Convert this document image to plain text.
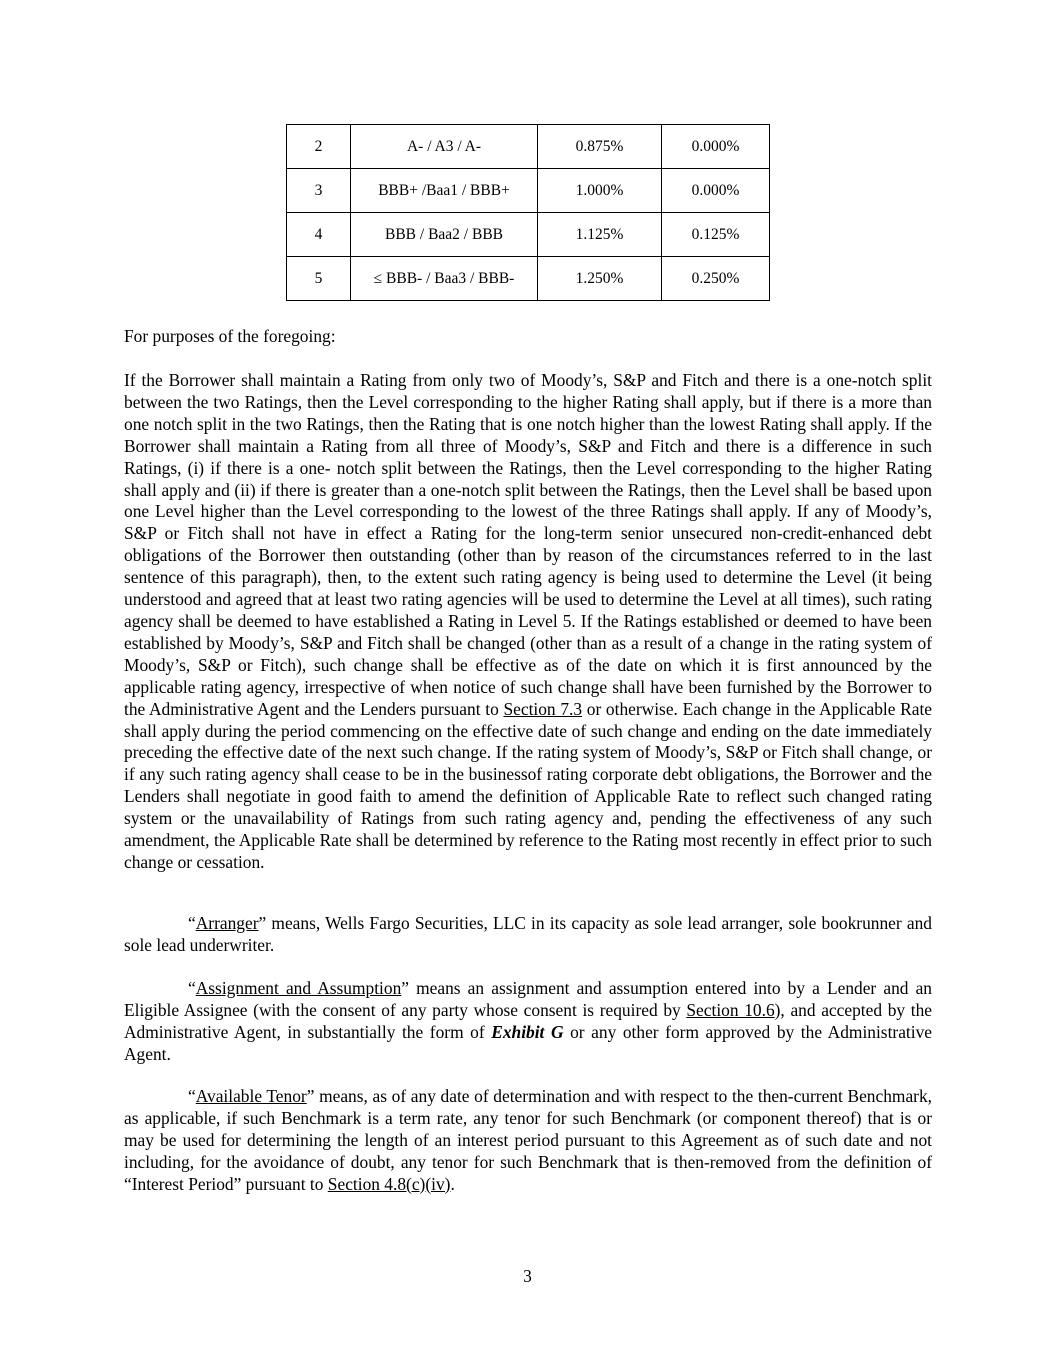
2	A- / A3 / A-	0.875%	0.000%
3	BBB+ /Baa1 / BBB+	1.000%	0.000%
4	BBB / Baa2 / BBB	1.125%	0.125%
5	≤ BBB- / Baa3 / BBB-	1.250%	0.250%
For purposes of the foregoing:
If the Borrower shall maintain a Rating from only two of Moody’s, S&P and Fitch and there is a one-notch split between the two Ratings, then the Level corresponding to the higher Rating shall apply, but if there is a more than one notch split in the two Ratings, then the Rating that is one notch higher than the lowest Rating shall apply. If the Borrower shall maintain a Rating from all three of Moody’s, S&P and Fitch and there is a difference in such Ratings, (i) if there is a one- notch split between the Ratings, then the Level corresponding to the higher Rating shall apply and (ii) if there is greater than a one-notch split between the Ratings, then the Level shall be based upon one Level higher than the Level corresponding to the lowest of the three Ratings shall apply. If any of Moody’s, S&P or Fitch shall not have in effect a Rating for the long-term senior unsecured non-credit-enhanced debt obligations of the Borrower then outstanding (other than by reason of the circumstances referred to in the last sentence of this paragraph), then, to the extent such rating agency is being used to determine the Level (it being understood and agreed that at least two rating agencies will be used to determine the Level at all times), such rating agency shall be deemed to have established a Rating in Level 5. If the Ratings established or deemed to have been established by Moody’s, S&P and Fitch shall be changed (other than as a result of a change in the rating system of Moody’s, S&P or Fitch), such change shall be effective as of the date on which it is first announced by the applicable rating agency, irrespective of when notice of such change shall have been furnished by the Borrower to the Administrative Agent and the Lenders pursuant to Section 7.3 or otherwise. Each change in the Applicable Rate shall apply during the period commencing on the effective date of such change and ending on the date immediately preceding the effective date of the next such change. If the rating system of Moody’s, S&P or Fitch shall change, or if any such rating agency shall cease to be in the businessof rating corporate debt obligations, the Borrower and the Lenders shall negotiate in good faith to amend the definition of Applicable Rate to reflect such changed rating system or the unavailability of Ratings from such rating agency and, pending the effectiveness of any such amendment, the Applicable Rate shall be determined by reference to the Rating most recently in effect prior to such change or cessation.
“Arranger” means, Wells Fargo Securities, LLC in its capacity as sole lead arranger, sole bookrunner and sole lead underwriter.
“Assignment and Assumption” means an assignment and assumption entered into by a Lender and an Eligible Assignee (with the consent of any party whose consent is required by Section 10.6), and accepted by the Administrative Agent, in substantially the form of Exhibit G or any other form approved by the Administrative Agent.
“Available Tenor” means, as of any date of determination and with respect to the then-current Benchmark, as applicable, if such Benchmark is a term rate, any tenor for such Benchmark (or component thereof) that is or may be used for determining the length of an interest period pursuant to this Agreement as of such date and not including, for the avoidance of doubt, any tenor for such Benchmark that is then-removed from the definition of “Interest Period” pursuant to Section 4.8(c)(iv).
3
